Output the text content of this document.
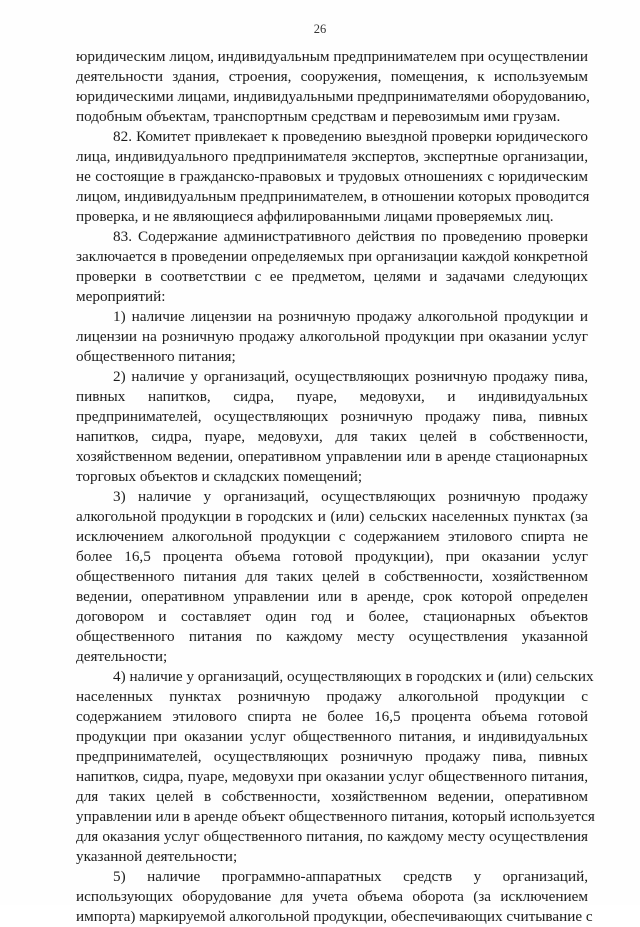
26
юридическим лицом, индивидуальным предпринимателем при осуществлении
деятельности здания, строения, сооружения, помещения, к используемым
юридическими лицами, индивидуальными предпринимателями оборудованию,
подобным объектам, транспортным средствам и перевозимым ими грузам.
82. Комитет привлекает к проведению выездной проверки юридического
лица, индивидуального предпринимателя экспертов, экспертные организации,
не состоящие в гражданско-правовых и трудовых отношениях с юридическим
лицом, индивидуальным предпринимателем, в отношении которых проводится
проверка, и не являющиеся аффилированными лицами проверяемых лиц.
83. Содержание административного действия по проведению проверки
заключается в проведении определяемых при организации каждой конкретной
проверки в соответствии с ее предметом, целями и задачами следующих
мероприятий:
1) наличие лицензии на розничную продажу алкогольной продукции и
лицензии на розничную продажу алкогольной продукции при оказании услуг
общественного питания;
2) наличие у организаций, осуществляющих розничную продажу пива,
пивных напитков, сидра, пуаре, медовухи, и индивидуальных
предпринимателей, осуществляющих розничную продажу пива, пивных
напитков, сидра, пуаре, медовухи, для таких целей в собственности,
хозяйственном ведении, оперативном управлении или в аренде стационарных
торговых объектов и складских помещений;
3) наличие у организаций, осуществляющих розничную продажу
алкогольной продукции в городских и (или) сельских населенных пунктах (за
исключением алкогольной продукции с содержанием этилового спирта не
более 16,5 процента объема готовой продукции), при оказании услуг
общественного питания для таких целей в собственности, хозяйственном
ведении, оперативном управлении или в аренде, срок которой определен
договором и составляет один год и более, стационарных объектов
общественного питания по каждому месту осуществления указанной
деятельности;
4) наличие у организаций, осуществляющих в городских и (или) сельских
населенных пунктах розничную продажу алкогольной продукции с
содержанием этилового спирта не более 16,5 процента объема готовой
продукции при оказании услуг общественного питания, и индивидуальных
предпринимателей, осуществляющих розничную продажу пива, пивных
напитков, сидра, пуаре, медовухи при оказании услуг общественного питания,
для таких целей в собственности, хозяйственном ведении, оперативном
управлении или в аренде объект общественного питания, который используется
для оказания услуг общественного питания, по каждому месту осуществления
указанной деятельности;
5) наличие программно-аппаратных средств у организаций,
использующих оборудование для учета объема оборота (за исключением
импорта) маркируемой алкогольной продукции, обеспечивающих считывание с
